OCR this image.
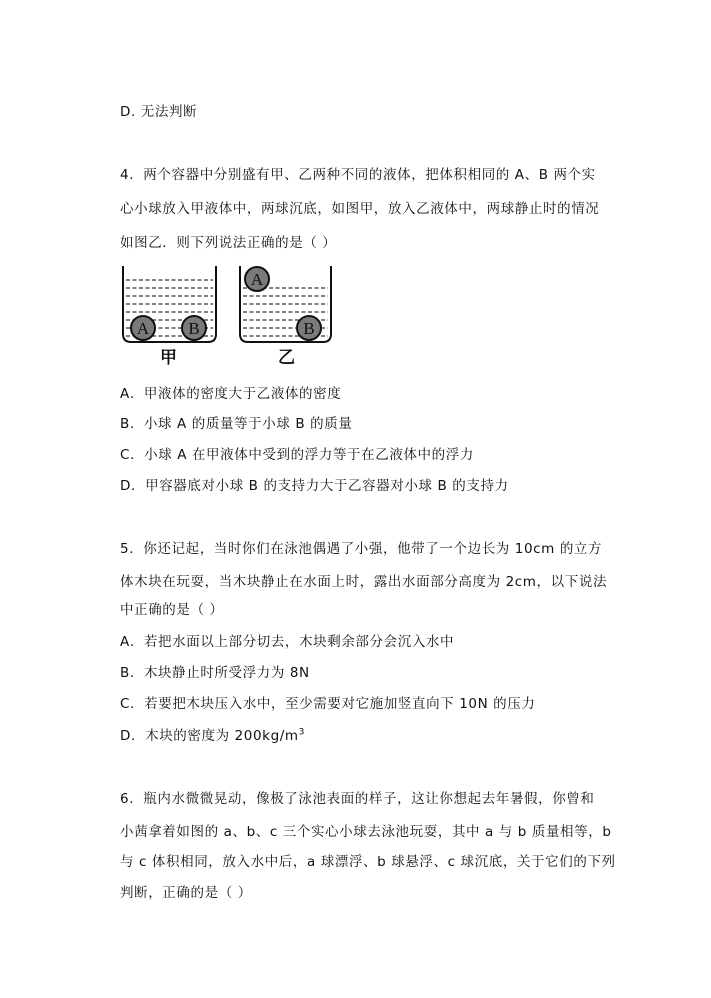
D. 无法判断
4．两个容器中分别盛有甲、乙两种不同的液体，把体积相同的 A、B 两个实
心小球放入甲液体中，两球沉底，如图甲，放入乙液体中，两球静止时的情况
如图乙．则下列说法正确的是（ ）
A B
A
B
甲	乙
A．甲液体的密度大于乙液体的密度
B．小球 A 的质量等于小球 B 的质量
C．小球 A 在甲液体中受到的浮力等于在乙液体中的浮力
D．甲容器底对小球 B 的支持力大于乙容器对小球 B 的支持力
5．你还记起，当时你们在泳池偶遇了小强，他带了一个边长为 10cm 的立方
体木块在玩耍，当木块静止在水面上时，露出水面部分高度为 2cm，以下说法
中正确的是（ ）
A．若把水面以上部分切去，木块剩余部分会沉入水中
B．木块静止时所受浮力为 8N
C．若要把木块压入水中，至少需要对它施加竖直向下 10N 的压力
D．木块的密度为 $200kg/m^3$
6．瓶内水微微晃动，像极了泳池表面的样子，这让你想起去年暑假，你曾和
小茜拿着如图的 a、b、c 三个实心小球去泳池玩耍，其中 a 与 b 质量相等，b
与 c 体积相同，放入水中后，a 球漂浮、b 球悬浮、c 球沉底，关于它们的下列
判断，正确的是（ ）
